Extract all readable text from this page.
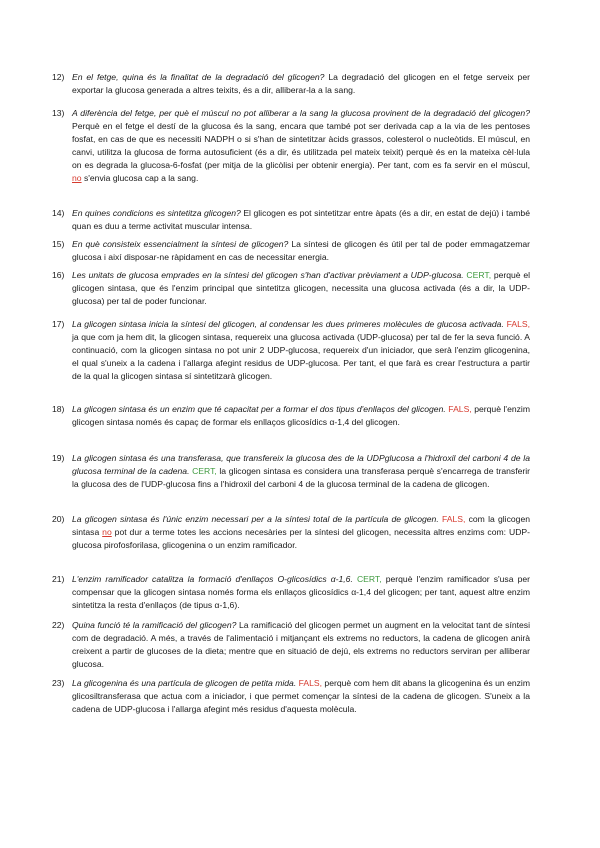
12) En el fetge, quina és la finalitat de la degradació del glicogen? La degradació del glicogen en el fetge serveix per exportar la glucosa generada a altres teixits, és a dir, alliberar-la a la sang.
13) A diferència del fetge, per què el múscul no pot alliberar a la sang la glucosa provinent de la degradació del glicogen? Perquè en el fetge el destí de la glucosa és la sang, encara que també pot ser derivada cap a la via de les pentoses fosfat, en cas de que es necessiti NADPH o si s'han de sintetitzar àcids grassos, colesterol o nucleòtids. El múscul, en canvi, utilitza la glucosa de forma autosuficient (és a dir, és utilitzada pel mateix teixit) perquè és en la mateixa cèl·lula on es degrada la glucosa-6-fosfat (per mitja de la glicòlisi per obtenir energia). Per tant, com es fa servir en el múscul, no s'envia glucosa cap a la sang.
14) En quines condicions es sintetitza glicogen? El glicogen es pot sintetitzar entre àpats (és a dir, en estat de dejú) i també quan es duu a terme activitat muscular intensa.
15) En què consisteix essencialment la síntesi de glicogen? La síntesi de glicogen és útil per tal de poder emmagatzemar glucosa i així disposar-ne ràpidament en cas de necessitar energia.
16) Les unitats de glucosa emprades en la síntesi del glicogen s'han d'activar prèviament a UDP-glucosa. CERT, perquè el glicogen sintasa, que és l'enzim principal que sintetitza glicogen, necessita una glucosa activada (és a dir, la UDP-glucosa) per tal de poder funcionar.
17) La glicogen sintasa inicia la síntesi del glicogen, al condensar les dues primeres molècules de glucosa activada. FALS, ja que com ja hem dit, la glicogen sintasa, requereix una glucosa activada (UDP-glucosa) per tal de fer la seva funció. A continuació, com la glicogen sintasa no pot unir 2 UDP-glucosa, requereix d'un iniciador, que serà l'enzim glicogenina, el qual s'uneix a la cadena i l'allarga afegint residus de UDP-glucosa. Per tant, el que farà es crear l'estructura a partir de la qual la glicogen sintasa sí sintetitzarà glicogen.
18) La glicogen sintasa és un enzim que té capacitat per a formar el dos tipus d'enllaços del glicogen. FALS, perquè l'enzim glicogen sintasa només és capaç de formar els enllaços glicosídics α-1,4 del glicogen.
19) La glicogen sintasa és una transferasa, que transfereix la glucosa des de la UDPglucosa a l'hidroxil del carboni 4 de la glucosa terminal de la cadena. CERT, la glicogen sintasa es considera una transferasa perquè s'encarrega de transferir la glucosa des de l'UDP-glucosa fins a l'hidroxil del carboni 4 de la glucosa terminal de la cadena de glicogen.
20) La glicogen sintasa és l'únic enzim necessari per a la síntesi total de la partícula de glicogen. FALS, com la glicogen sintasa no pot dur a terme totes les accions necesàries per la síntesi del glicogen, necessita altres enzims com: UDP-glucosa pirofosforilasa, glicogenina o un enzim ramificador.
21) L'enzim ramificador catalitza la formació d'enllaços O-glicosídics α-1,6. CERT, perquè l'enzim ramificador s'usa per compensar que la glicogen sintasa només forma els enllaços glicosídics α-1,4 del glicogen; per tant, aquest altre enzim sintetitza la resta d'enllaços (de tipus α-1,6).
22) Quina funció té la ramificació del glicogen? La ramificació del glicogen permet un augment en la velocitat tant de síntesi com de degradació. A més, a través de l'alimentació i mitjançant els extrems no reductors, la cadena de glicogen anirà creixent a partir de glucoses de la dieta; mentre que en situació de dejú, els extrems no reductors serviran per alliberar glucosa.
23) La glicogenina és una partícula de glicogen de petita mida. FALS, perquè com hem dit abans la glicogenina és un enzim glicosiltransferasa que actua com a iniciador, i que permet començar la síntesi de la cadena de glicogen. S'uneix a la cadena de UDP-glucosa i l'allarga afegint més residus d'aquesta molècula.
